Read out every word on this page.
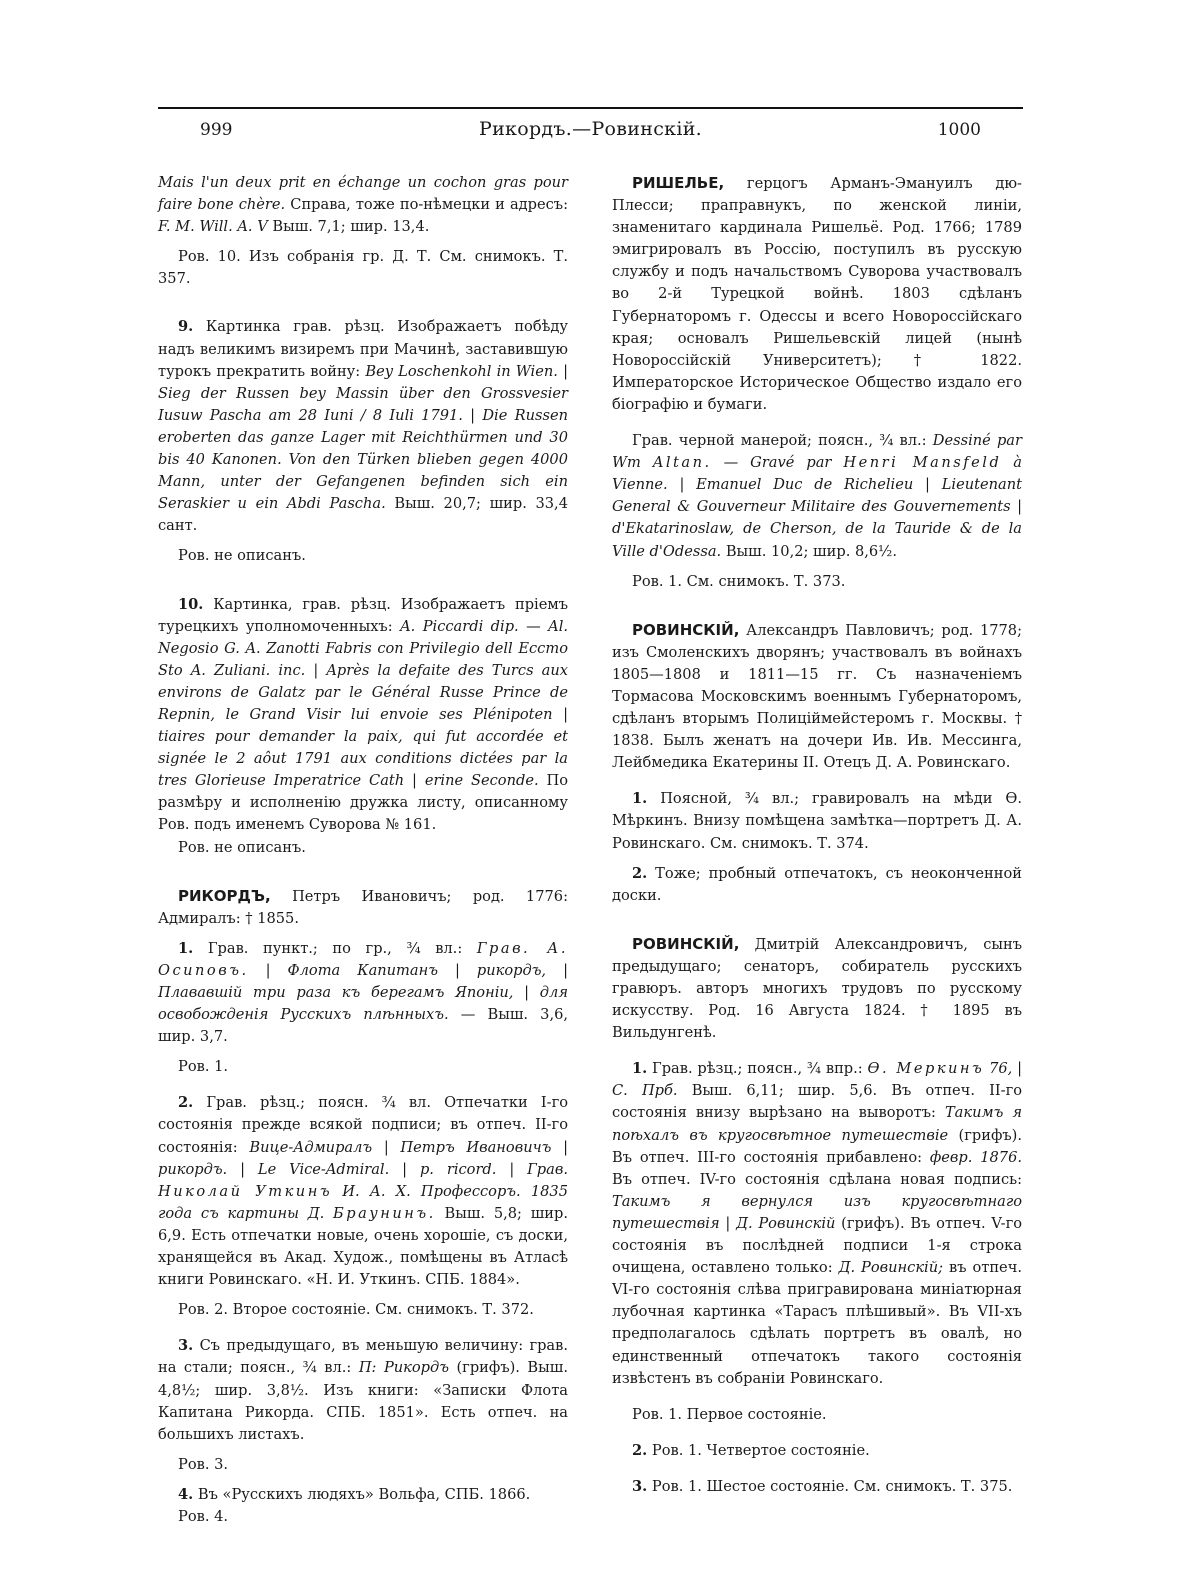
999	Рикордъ.—Ровинскій.	1000

Mais l'un deux prit en échange un cochon gras pour faire bone chère. Справа, тоже по-нѣмецки и адресъ: F. M. Will. A. V Выш. 7,1; шир. 13,4.

Ров. 10. Изъ собранія гр. Д. Т. См. снимокъ. Т. 357.

9. Картинка грав. рѣзц. Изображаетъ побѣду надъ великимъ визиремъ при Мачинѣ, заставившую турокъ прекратить войну: Bey Loschenkohl in Wien. | Sieg der Russen bey Massin über den Grossvesier Iusuw Pascha am 28 Iuni / 8 Iuli 1791. | Die Russen eroberten das ganze Lager mit Reichthürmen und 30 bis 40 Kanonen. Von den Türken blieben gegen 4000 Mann, unter der Gefangenen befinden sich ein Seraskier u ein Abdi Pascha. Выш. 20,7; шир. 33,4 сант.

Ров. не описанъ.

10. Картинка, грав. рѣзц. Изображаетъ пріемъ турецкихъ уполномоченныхъ: A. Piccardi dip. — Al. Negosio G. A. Zanotti Fabris con Privilegio dell Eccmo Sto A. Zuliani. inc. | Après la defaite des Turcs aux environs de Galatz par le Général Russe Prince de Repnin, le Grand Visir lui envoie ses Plénipoten | tiaires pour demander la paix, qui fut accordée et signée le 2 aôut 1791 aux conditions dictées par la tres Glorieuse Imperatrice Cath | erine Seconde. По размѣру и исполненію дружка листу, описанному Ров. подъ именемъ Суворова № 161.

Ров. не описанъ.

РИКОРДЪ, Петръ Ивановичъ; род. 1776: Адмиралъ: † 1855.

1. Грав. пункт.; по гр., ¾ вл.: Грав. А. Осиповъ. | Флота Капитанъ | рикордъ, | Плававшій три раза къ берегамъ Японіи, | для освобожденія Русскихъ плѣнныхъ. — Выш. 3,6, шир. 3,7.

Ров. 1.

2. Грав. рѣзц.; поясн. ¾ вл. Отпечатки I-го состоянія прежде всякой подписи; въ отпеч. II-го состоянія: Вице-Адмиралъ | Петръ Ивановичъ | рикордъ. | Le Vice-Admiral. | p. ricord. | Грав. Николай Уткинъ И. А. Х. Профессоръ. 1835 года съ картины Д. Браунинъ. Выш. 5,8; шир. 6,9. Есть отпечатки новые, очень хорошіе, съ доски, хранящейся въ Акад. Худож., помѣщены въ Атласѣ книги Ровинскаго. «Н. И. Уткинъ. СПБ. 1884».

Ров. 2. Второе состояніе. См. снимокъ. Т. 372.

3. Съ предыдущаго, въ меньшую величину: грав. на стали; поясн., ¾ вл.: П: Рикордъ (грифъ). Выш. 4,8½; шир. 3,8½. Изъ книги: «Записки Флота Капитана Рикорда. СПБ. 1851». Есть отпеч. на большихъ листахъ.

Ров. 3.

4. Въ «Русскихъ людяхъ» Вольфа, СПБ. 1866.

Ров. 4.

РИШЕЛЬЕ, герцогъ Арманъ-Эмануилъ дю-Плесси; праправнукъ, по женской линіи, знаменитаго кардинала Ришельё. Род. 1766; 1789 эмигрировалъ въ Россію, поступилъ въ русскую службу и подъ начальствомъ Суворова участвовалъ во 2-й Турецкой войнѣ. 1803 сдѣланъ Губернаторомъ г. Одессы и всего Новороссійскаго края; основалъ Ришельевскій лицей (нынѣ Новороссійскій Университетъ); † 1822. Императорское Историческое Общество издало его біографію и бумаги.

Грав. черной манерой; поясн., ¾ вл.: Dessiné par Wm Altan. — Gravé par Henri Mansfeld à Vienne. | Emanuel Duc de Richelieu | Lieutenant General & Gouverneur Militaire des Gouvernements | d'Ekatarinoslaw, de Cherson, de la Tauride & de la Ville d'Odessa. Выш. 10,2; шир. 8,6½.

Ров. 1. См. снимокъ. Т. 373.

РОВИНСКІЙ, Александръ Павловичъ; род. 1778; изъ Смоленскихъ дворянъ; участвовалъ въ войнахъ 1805—1808 и 1811—15 гг. Съ назначеніемъ Тормасова Московскимъ военнымъ Губернаторомъ, сдѣланъ вторымъ Полиціймейстеромъ г. Москвы. † 1838. Былъ женатъ на дочери Ив. Ив. Мессинга, Лейбмедика Екатерины II. Отецъ Д. А. Ровинскаго.

1. Поясной, ¾ вл.; гравировалъ на мѣди Ѳ. Мѣркинъ. Внизу помѣщена замѣтка—портретъ Д. А. Ровинскаго. См. снимокъ. Т. 374.

2. Тоже; пробный отпечатокъ, съ неоконченной доски.

РОВИНСКІЙ, Дмитрій Александровичъ, сынъ предыдущаго; сенаторъ, собиратель русскихъ гравюръ. авторъ многихъ трудовъ по русскому искусству. Род. 16 Августа 1824. † 1895 въ Вильдунгенѣ.

1. Грав. рѣзц.; поясн., ¾ впр.: Ѳ. Меркинъ 76, | С. Прб. Выш. 6,11; шир. 5,6. Въ отпеч. II-го состоянія внизу вырѣзано на выворотъ: Такимъ я поѣхалъ въ кругосвѣтное путешествіе (грифъ). Въ отпеч. III-го состоянія прибавлено: февр. 1876. Въ отпеч. IV-го состоянія сдѣлана новая подпись: Такимъ я вернулся изъ кругосвѣтнаго путешествія | Д. Ровинскій (грифъ). Въ отпеч. V-го состоянія въ послѣдней подписи 1-я строка очищена, оставлено только: Д. Ровинскій; въ отпеч. VI-го состоянія слѣва пригравирована миніатюрная лубочная картинка «Тарасъ плѣшивый». Въ VII-хъ предполагалось сдѣлать портретъ въ овалѣ, но единственный отпечатокъ такого состоянія извѣстенъ въ собраніи Ровинскаго.

Ров. 1. Первое состояніе.

2. Ров. 1. Четвертое состояніе.

3. Ров. 1. Шестое состояніе. См. снимокъ. Т. 375.
